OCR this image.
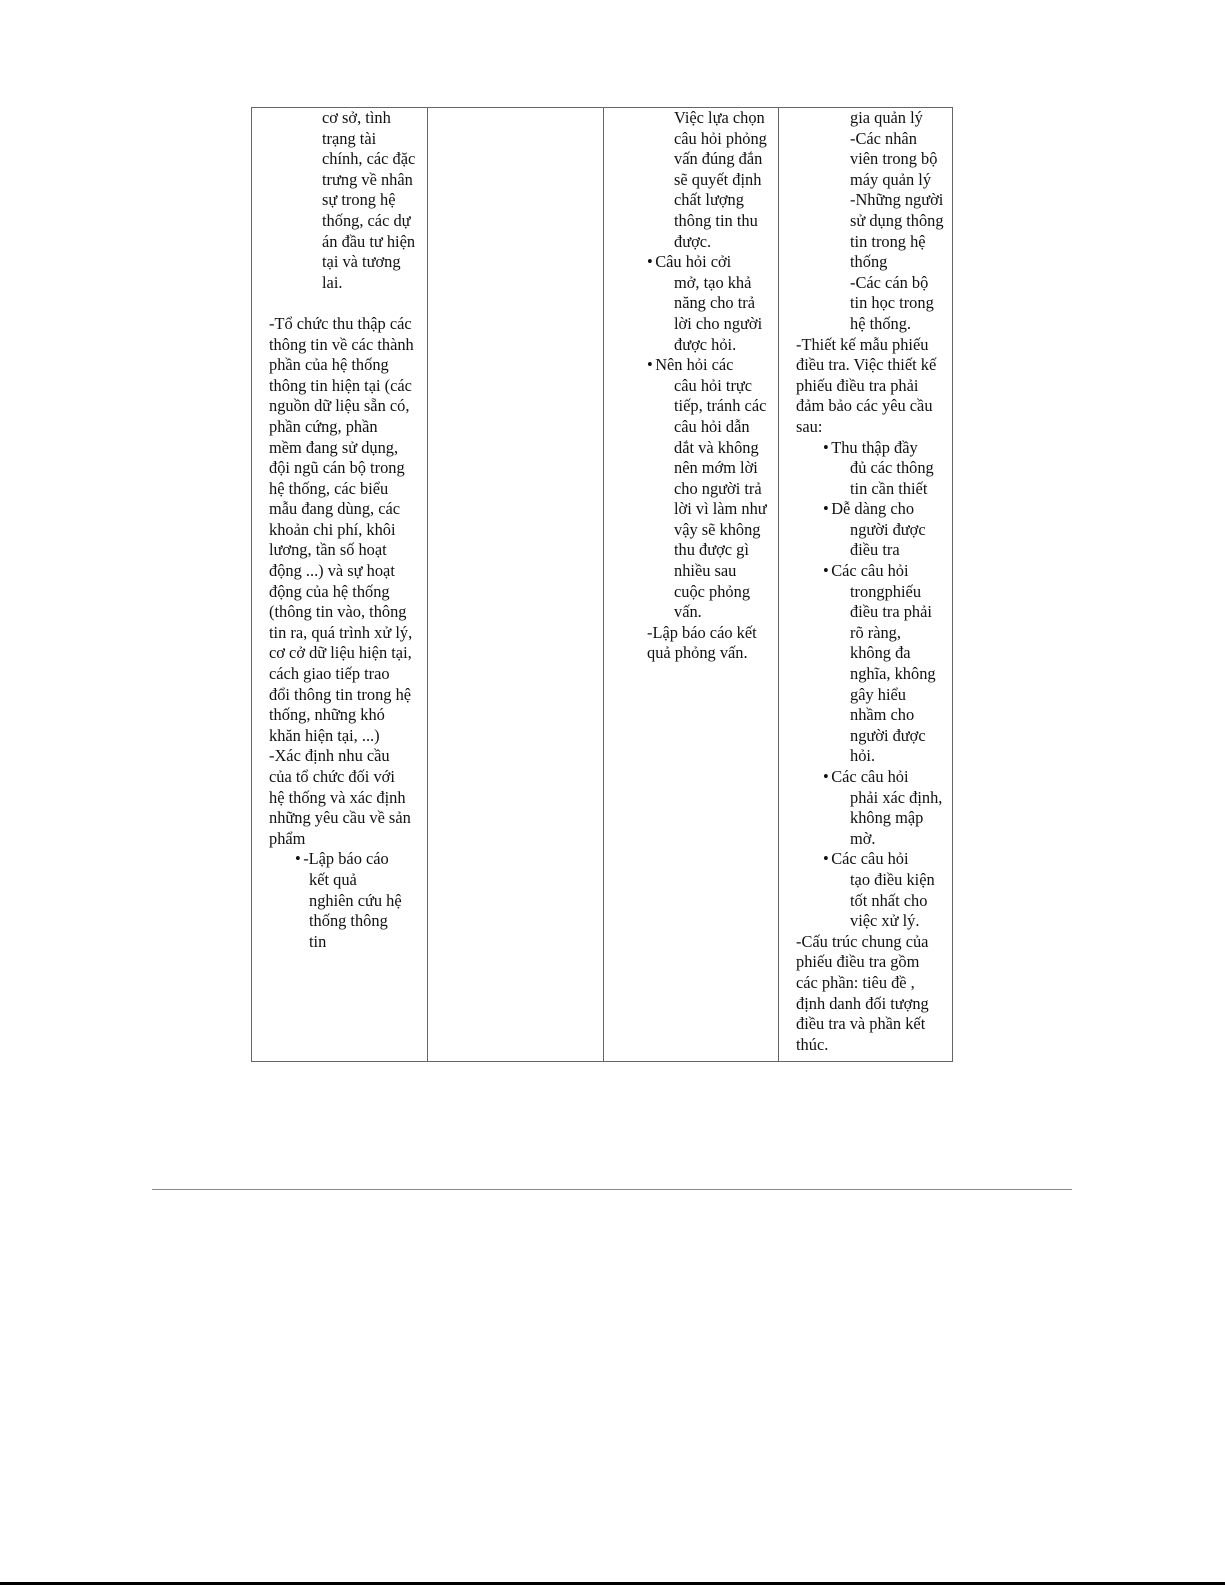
cơ sở, tình
trạng tài
chính, các đặc
trưng về nhân
sự trong hệ
thống, các dự
án đầu tư hiện
tại và tương
lai.
-Tổ chức thu thập các
thông tin về các thành
phần của hệ thống
thông tin hiện tại (các
nguồn dữ liệu sẵn có,
phần cứng, phần
mềm đang sử dụng,
đội ngũ cán bộ trong
hệ thống, các biểu
mẫu đang dùng, các
khoản chi phí, khôi
lương, tần số hoạt
động ...) và sự hoạt
động của hệ thống
(thông tin vào, thông
tin ra, quá trình xử lý,
cơ cở dữ liệu hiện tại,
cách giao tiếp trao
đổi thông tin trong hệ
thống, những khó
khăn hiện tại, ...)
-Xác định nhu cầu
của tổ chức đối với
hệ thống và xác định
những yêu cầu về sản
phẩm
• -Lập báo cáo
kết quả
nghiên cứu hệ
thống thông
tin
Việc lựa chọn
câu hỏi phỏng
vấn đúng đắn
sẽ quyết định
chất lượng
thông tin thu
được.
• Câu hỏi cởi
mở, tạo khả
năng cho trả
lời cho người
được hỏi.
• Nên hỏi các
câu hỏi trực
tiếp, tránh các
câu hỏi dẫn
dắt và không
nên mớm lời
cho người trả
lời vì làm như
vậy sẽ không
thu được gì
nhiều sau
cuộc phỏng
vấn.
-Lập báo cáo kết
quả phỏng vấn.
gia quản lý
-Các nhân
viên trong bộ
máy quản lý
-Những người
sử dụng thông
tin trong hệ
thống
-Các cán bộ
tin học trong
hệ thống.
-Thiết kế mẫu phiếu
điều tra. Việc thiết kế
phiếu điều tra phải
đảm bảo các yêu cầu
sau:
• Thu thập đầy
đủ các thông
tin cần thiết
• Dễ dàng cho
người được
điều tra
• Các câu hỏi
trongphiếu
điều tra phải
rõ ràng,
không đa
nghĩa, không
gây hiểu
nhầm cho
người được
hỏi.
• Các câu hỏi
phải xác định,
không mập
mờ.
• Các câu hỏi
tạo điều kiện
tốt nhất cho
việc xử lý.
-Cấu trúc chung của
phiếu điều tra gồm
các phần: tiêu đề ,
định danh đối tượng
điều tra và phần kết
thúc.
